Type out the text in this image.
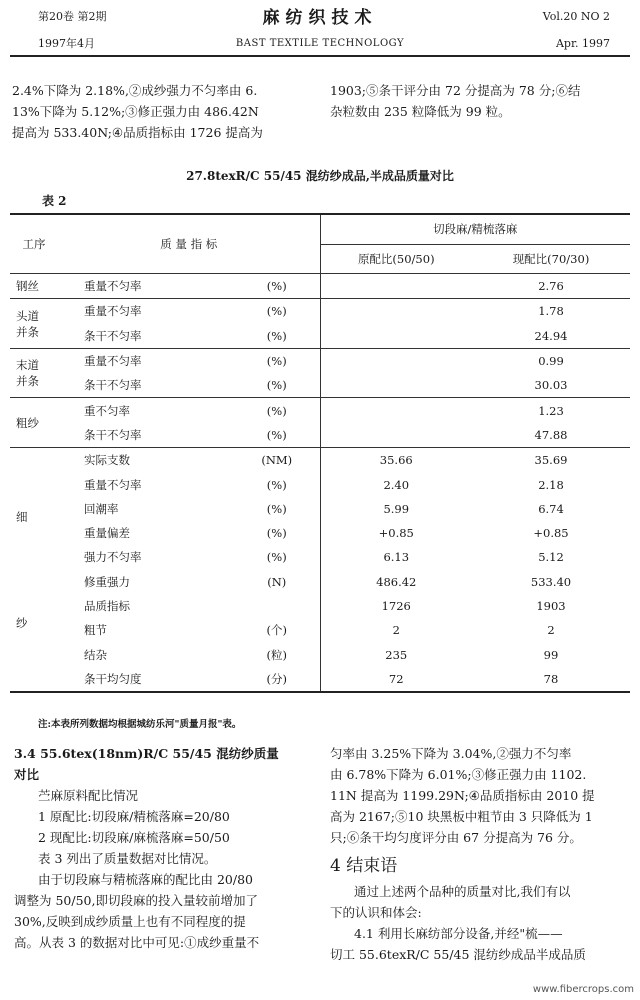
第20卷 第2期
1997年4月
麻纺织技术
BAST TEXTILE TECHNOLOGY
Vol.20 NO 2
Apr. 1997
2.4%下降为 2.18%,②成纱强力不匀率由 6.
13%下降为 5.12%;③修正强力由 486.42N
提高为 533.40N;④品质指标由 1726 提高为
1903;⑤条干评分由 72 分提高为 78 分;⑥结
杂粒数由 235 粒降低为 99 粒。
27.8texR/C 55/45 混纺纱成品,半成品质量对比
表 2
工序	质 量 指 标		切段麻/精梳落麻	
			原配比(50/50)	现配比(70/30)

钢丝	重量不匀率	(%)		2.76

头道
并条	重量不匀率	(%)		1.78
	条干不匀率	(%)		24.94

末道
并条	重量不匀率	(%)		0.99
	条干不匀率	(%)		30.03

粗纱	重不匀率	(%)		1.23
	条干不匀率	(%)		47.88

细
纱	实际支数	(NM)	35.66	35.69
	重量不匀率	(%)	2.40	2.18
	回潮率	(%)	5.99	6.74
	重量偏差	(%)	+0.85	+0.85
	强力不匀率	(%)	6.13	5.12
	修重强力	(N)	486.42	533.40
	品质指标		1726	1903
	粗节	(个)	2	2
	结杂	(粒)	235	99
	条干均匀度	(分)	72	78
注:本表所列数据均根据城纺乐河"质量月报"表。
3.4 55.6tex(18nm)R/C 55/45 混纺纱质量
对比
苎麻原料配比情况
1 原配比:切段麻/精梳落麻=20/80
2 现配比:切段麻/麻梳落麻=50/50
表 3 列出了质量数据对比情况。
由于切段麻与精梳落麻的配比由 20/80
调整为 50/50,即切段麻的投入量较前增加了
30%,反映到成纱质量上也有不同程度的提
高。从表 3 的数据对比中可见:①成纱重量不
匀率由 3.25%下降为 3.04%,②强力不匀率
由 6.78%下降为 6.01%;③修正强力由 1102.
11N 提高为 1199.29N;④品质指标由 2010 提
高为 2167;⑤10 块黑板中粗节由 3 只降低为 1
只;⑥条干均匀度评分由 67 分提高为 76 分。
4 结束语
通过上述两个品种的质量对比,我们有以
下的认识和体会:
4.1 利用长麻纺部分设备,并经"梳——
切工 55.6texR/C 55/45 混纺纱成品半成品质
www.fibercrops.com
